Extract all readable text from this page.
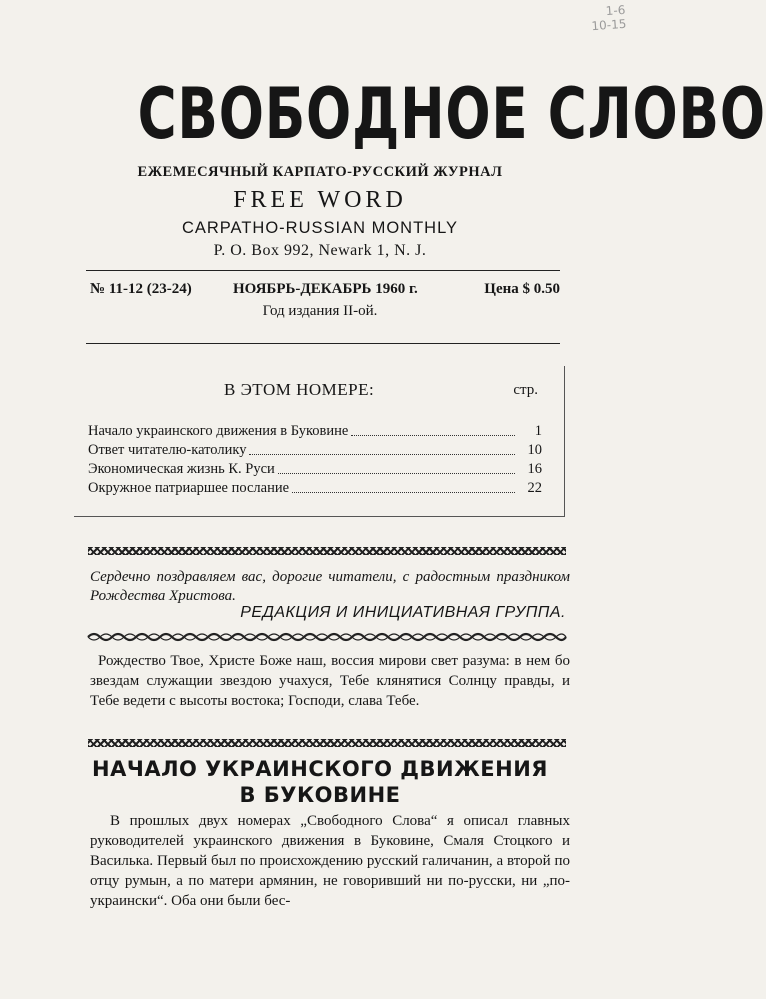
1-6
10-15
СВОБОДНОЕ СЛОВО
ЕЖЕМЕСЯЧНЫЙ КАРПАТО-РУССКИЙ ЖУРНАЛ
FREE WORD
CARPATHO-RUSSIAN MONTHLY
P. O. Box 992, Newark 1, N. J.
№ 11-12 (23-24)	НОЯБРЬ-ДЕКАБРЬ 1960 г.	Цена $ 0.50
Год издания II-ой.
В ЭТОМ НОМЕРЕ:	стр.
Начало украинского движения в Буковине	1
Ответ читателю-католику	10
Экономическая жизнь К. Руси	16
Окружное патриаршее послание	22
Сердечно поздравляем вас, дорогие читатели, с радостным праздником Рождества Христова.
РЕДАКЦИЯ И ИНИЦИАТИВНАЯ ГРУППА.
Рождество Твое, Христе Боже наш, воссия мирови свет разума: в нем бо звездам служащии звездою учахуся, Тебе клянятися Солнцу правды, и Тебе ведети с высоты востока; Господи, слава Тебе.
НАЧАЛО УКРАИНСКОГО ДВИЖЕНИЯ
В БУКОВИНЕ
В прошлых двух номерах „Свободного Слова“ я описал главных руководителей украинского движения в Буковине, Смаля Стоцкого и Василька. Первый был по происхождению русский галичанин, а второй по отцу румын, а по матери армянин, не говоривший ни по-русски, ни „по-украински“. Оба они были бес-
